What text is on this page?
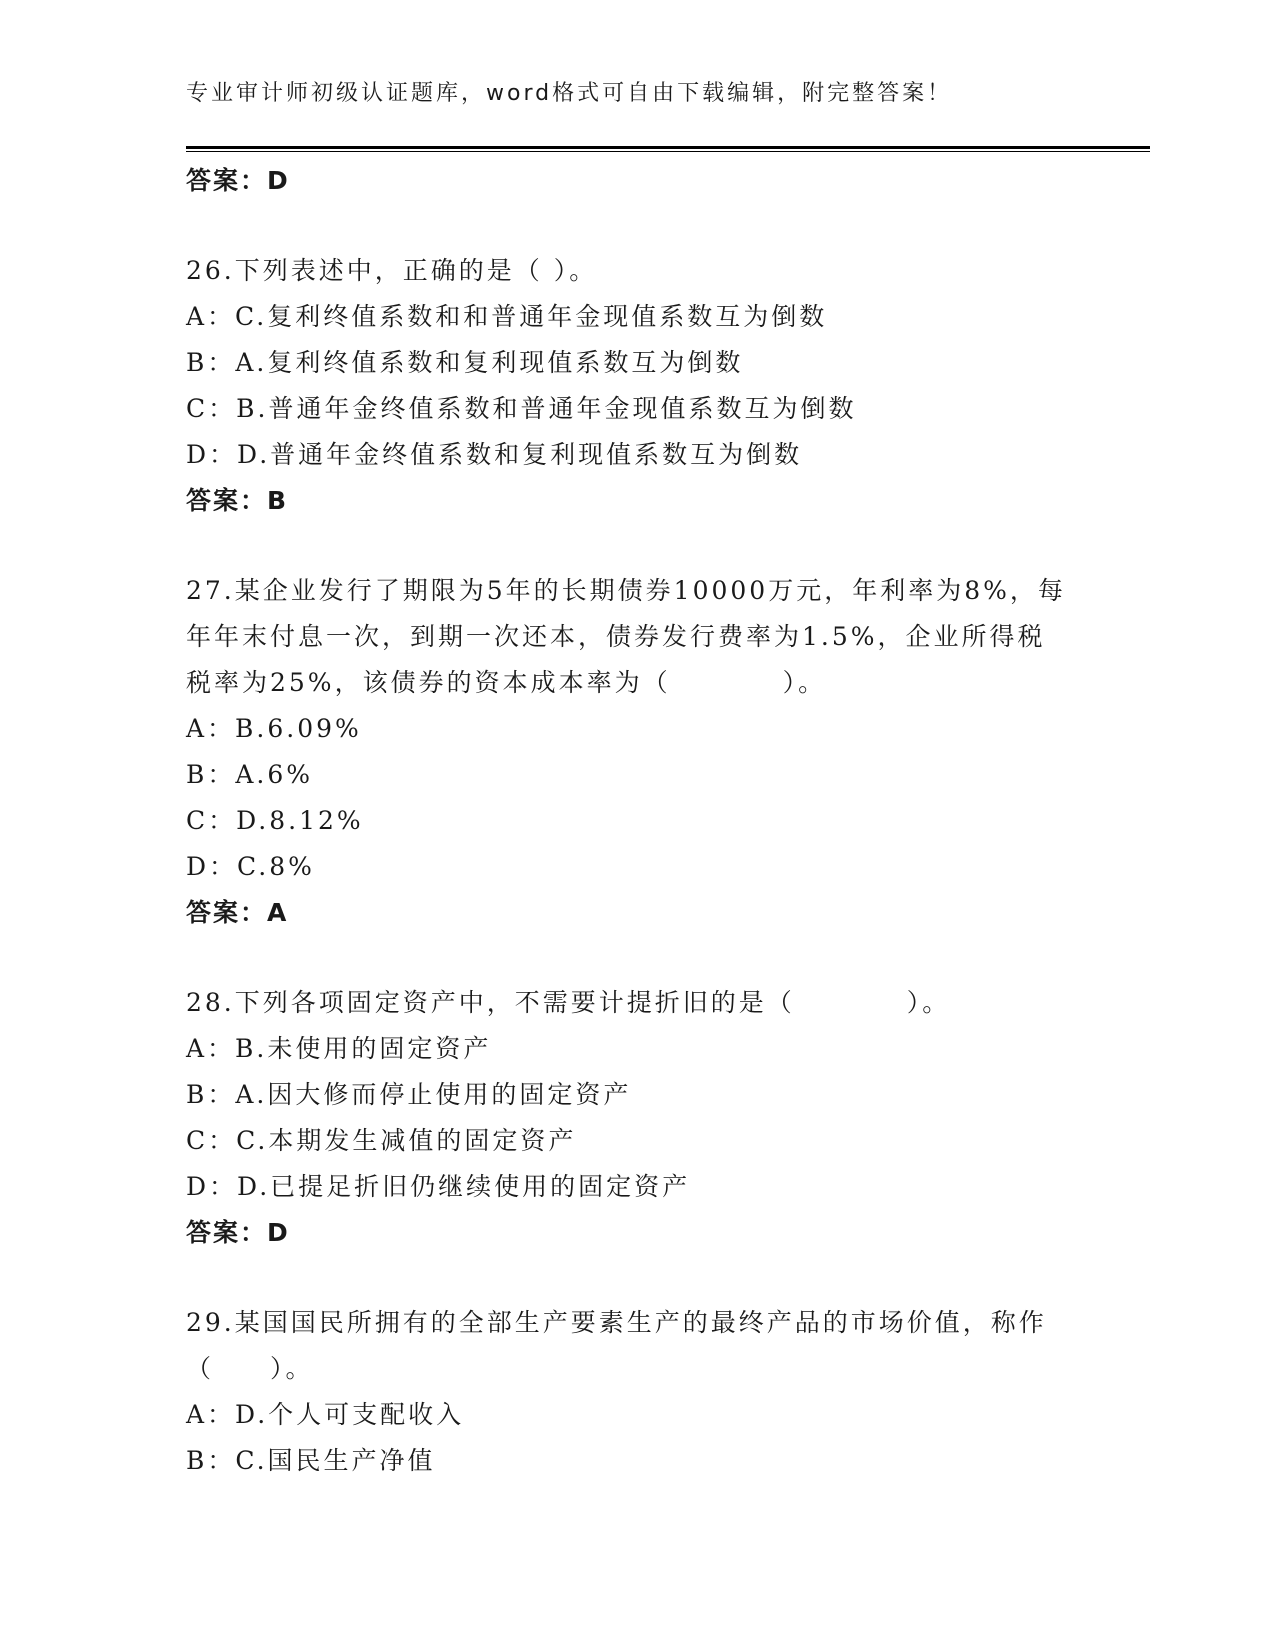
专业审计师初级认证题库，word格式可自由下载编辑，附完整答案！
答案：D
26.下列表述中，正确的是（ ）。
A：C.复利终值系数和和普通年金现值系数互为倒数
B：A.复利终值系数和复利现值系数互为倒数
C：B.普通年金终值系数和普通年金现值系数互为倒数
D：D.普通年金终值系数和复利现值系数互为倒数
答案：B
27.某企业发行了期限为5年的长期债券10000万元，年利率为8%，每
年年末付息一次，到期一次还本，债券发行费率为1.5%，企业所得税
税率为25%，该债券的资本成本率为（　　　　）。
A：B.6.09%
B：A.6%
C：D.8.12%
D：C.8%
答案：A
28.下列各项固定资产中，不需要计提折旧的是（　　　　）。
A：B.未使用的固定资产
B：A.因大修而停止使用的固定资产
C：C.本期发生减值的固定资产
D：D.已提足折旧仍继续使用的固定资产
答案：D
29.某国国民所拥有的全部生产要素生产的最终产品的市场价值，称作
（　　）。
A：D.个人可支配收入
B：C.国民生产净值
